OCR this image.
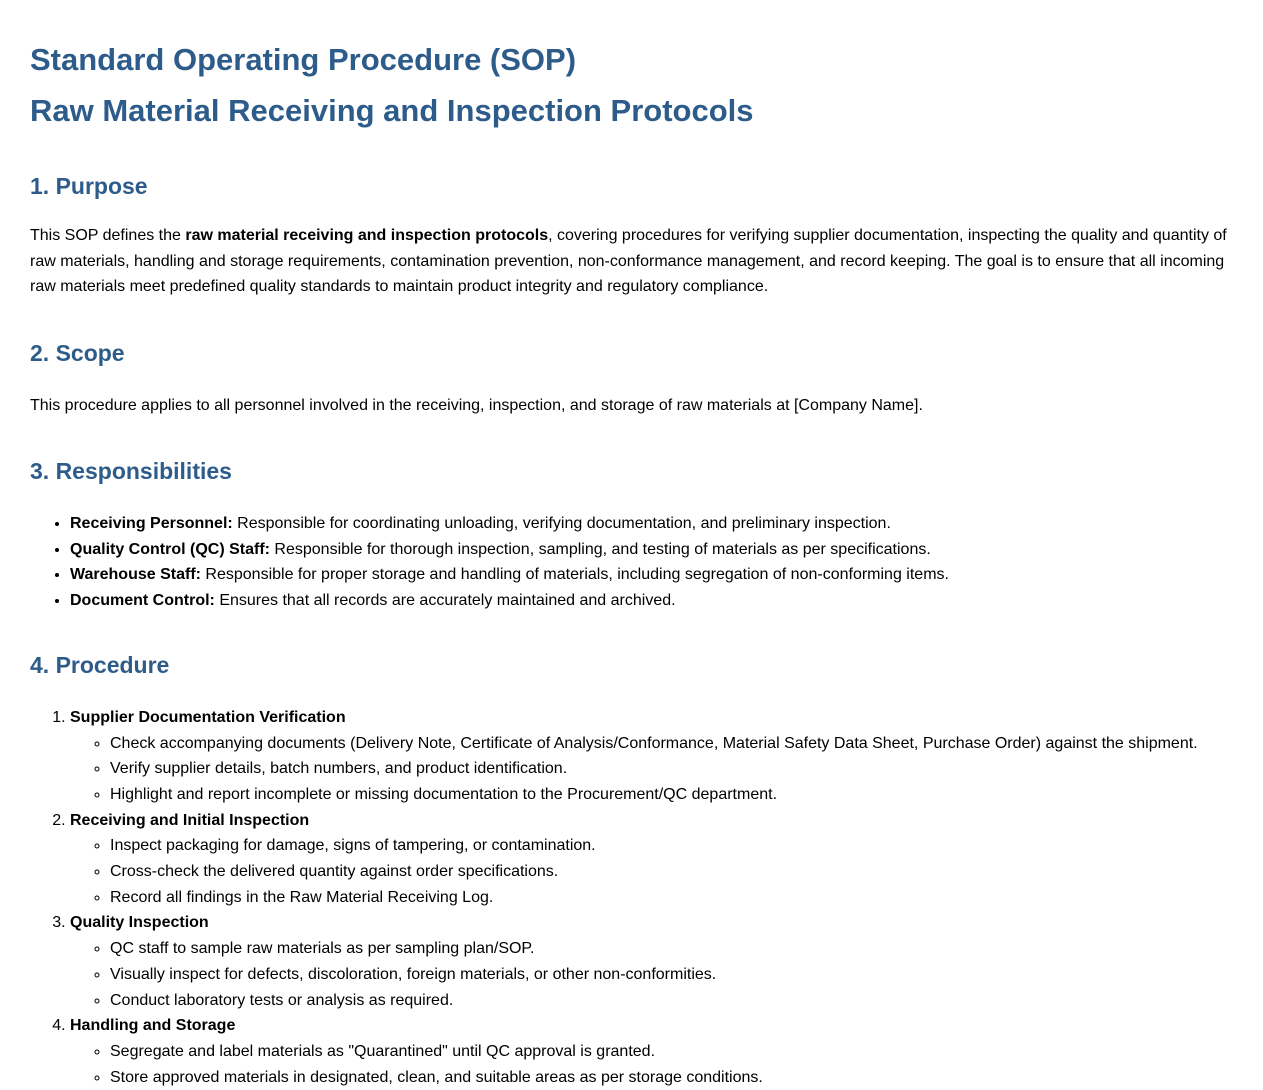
Standard Operating Procedure (SOP)
Raw Material Receiving and Inspection Protocols
1. Purpose

This SOP defines the raw material receiving and inspection protocols, covering procedures for verifying supplier documentation, inspecting the quality and quantity of raw materials, handling and storage requirements, contamination prevention, non-conformance management, and record keeping. The goal is to ensure that all incoming raw materials meet predefined quality standards to maintain product integrity and regulatory compliance.

2. Scope

This procedure applies to all personnel involved in the receiving, inspection, and storage of raw materials at [Company Name].

3. Responsibilities
• Receiving Personnel: Responsible for coordinating unloading, verifying documentation, and preliminary inspection.
• Quality Control (QC) Staff: Responsible for thorough inspection, sampling, and testing of materials as per specifications.
• Warehouse Staff: Responsible for proper storage and handling of materials, including segregation of non-conforming items.
• Document Control: Ensures that all records are accurately maintained and archived.
4. Procedure
1. Supplier Documentation Verification
◦ Check accompanying documents (Delivery Note, Certificate of Analysis/Conformance, Material Safety Data Sheet, Purchase Order) against the shipment.
◦ Verify supplier details, batch numbers, and product identification.
◦ Highlight and report incomplete or missing documentation to the Procurement/QC department.
2. Receiving and Initial Inspection
◦ Inspect packaging for damage, signs of tampering, or contamination.
◦ Cross-check the delivered quantity against order specifications.
◦ Record all findings in the Raw Material Receiving Log.
3. Quality Inspection
◦ QC staff to sample raw materials as per sampling plan/SOP.
◦ Visually inspect for defects, discoloration, foreign materials, or other non-conformities.
◦ Conduct laboratory tests or analysis as required.
4. Handling and Storage
◦ Segregate and label materials as "Quarantined" until QC approval is granted.
◦ Store approved materials in designated, clean, and suitable areas as per storage conditions.
